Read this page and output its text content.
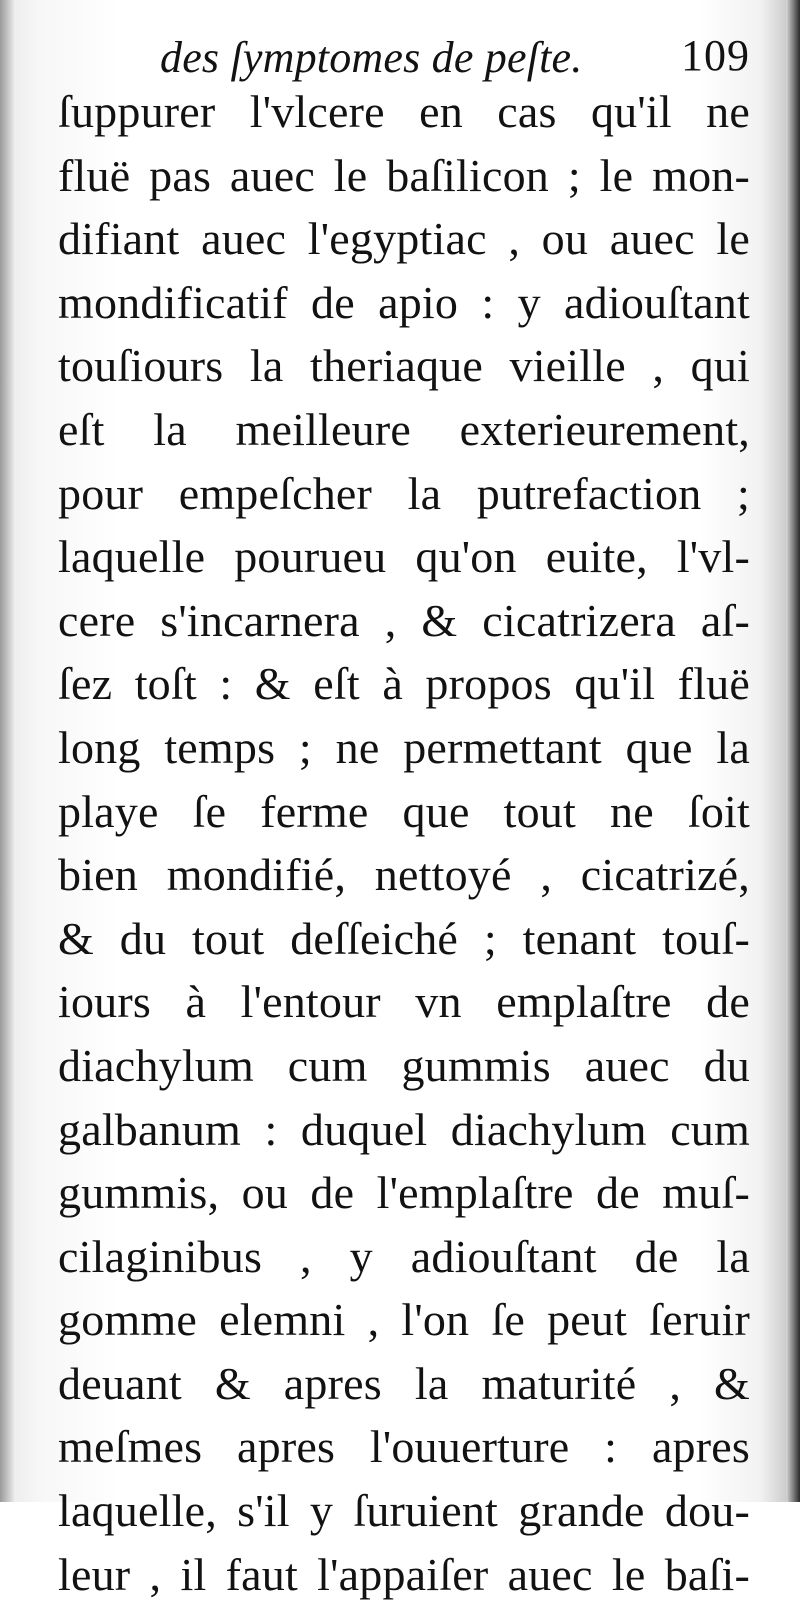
des ſymptomes de peſte. 109
ſuppurer l'vlcere en cas qu'il ne
fluë pas auec le baſilicon ; le mon-
difiant auec l'egyptiac , ou auec le
mondificatif de apio : y adiouſtant
touſiours la theriaque vieille , qui
eſt la meilleure exterieurement,
pour empeſcher la putrefaction ;
laquelle pourueu qu'on euite, l'vl-
cere s'incarnera , & cicatrizera aſ-
ſez toſt : & eſt à propos qu'il fluë
long temps ; ne permettant que la
playe ſe ferme que tout ne ſoit
bien mondifié, nettoyé , cicatrizé,
& du tout deſſeiché ; tenant touſ-
iours à l'entour vn emplaſtre de
diachylum cum gummis auec du
galbanum : duquel diachylum cum
gummis, ou de l'emplaſtre de muſ-
cilaginibus , y adiouſtant de la
gomme elemni , l'on ſe peut ſeruir
deuant & apres la maturité , &
meſmes apres l'ouuerture : apres
laquelle, s'il y ſuruient grande dou-
leur , il faut l'appaiſer auec le baſi-
